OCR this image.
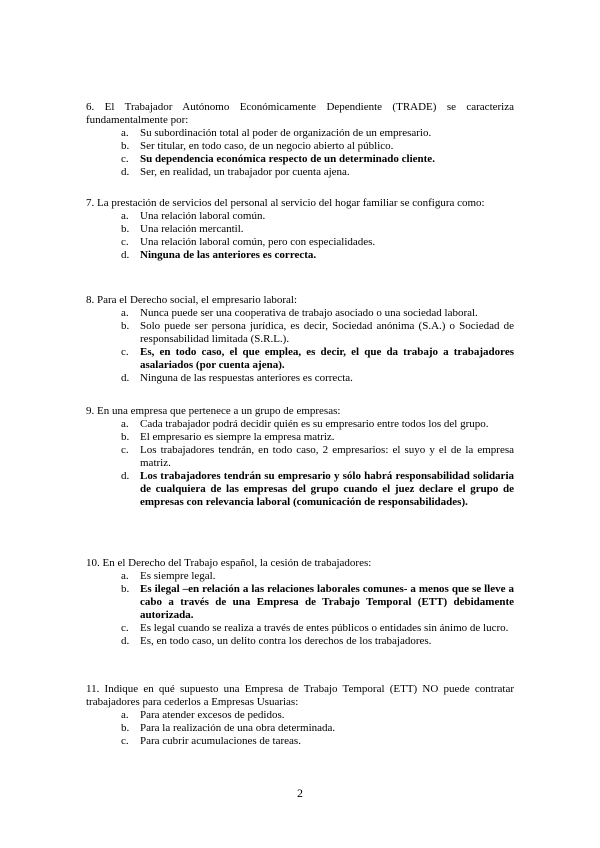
6. El Trabajador Autónomo Económicamente Dependiente (TRADE) se caracteriza fundamentalmente por:
a.	Su subordinación total al poder de organización de un empresario.
b. Ser titular, en todo caso, de un negocio abierto al público.
c.	Su dependencia económica respecto de un determinado cliente.
d. Ser, en realidad, un trabajador por cuenta ajena.
7. La prestación de servicios del personal al servicio del hogar familiar se configura como:
a.	Una relación laboral común.
b. Una relación mercantil.
c.	Una relación laboral común, pero con especialidades.
d. Ninguna de las anteriores es correcta.
8. Para el Derecho social, el empresario laboral:
a.	Nunca puede ser una cooperativa de trabajo asociado o una sociedad laboral.
b. Solo puede ser persona jurídica, es decir, Sociedad anónima (S.A.) o Sociedad de responsabilidad limitada (S.R.L.).
c.	Es, en todo caso, el que emplea, es decir, el que da trabajo a trabajadores asalariados (por cuenta ajena).
d. Ninguna de las respuestas anteriores es correcta.
9. En una empresa que pertenece a un grupo de empresas:
a.	Cada trabajador podrá decidir quién es su empresario entre todos los del grupo.
b. El empresario es siempre la empresa matriz.
c.	Los trabajadores tendrán, en todo caso, 2 empresarios: el suyo y el de la empresa matriz.
d. Los trabajadores tendrán su empresario y sólo habrá responsabilidad solidaria de cualquiera de las empresas del grupo cuando el juez declare el grupo de empresas con relevancia laboral (comunicación de responsabilidades).
10. En el Derecho del Trabajo español, la cesión de trabajadores:
a.	Es siempre legal.
b. Es ilegal –en relación a las relaciones laborales comunes- a menos que se lleve a cabo a través de una Empresa de Trabajo Temporal (ETT) debidamente autorizada.
c.	Es legal cuando se realiza a través de entes públicos o entidades sin ánimo de lucro.
d. Es, en todo caso, un delito contra los derechos de los trabajadores.
11. Indique en qué supuesto una Empresa de Trabajo Temporal (ETT) NO puede contratar trabajadores para cederlos a Empresas Usuarias:
a.	Para atender excesos de pedidos.
b. Para la realización de una obra determinada.
c.	Para cubrir acumulaciones de tareas.
2
